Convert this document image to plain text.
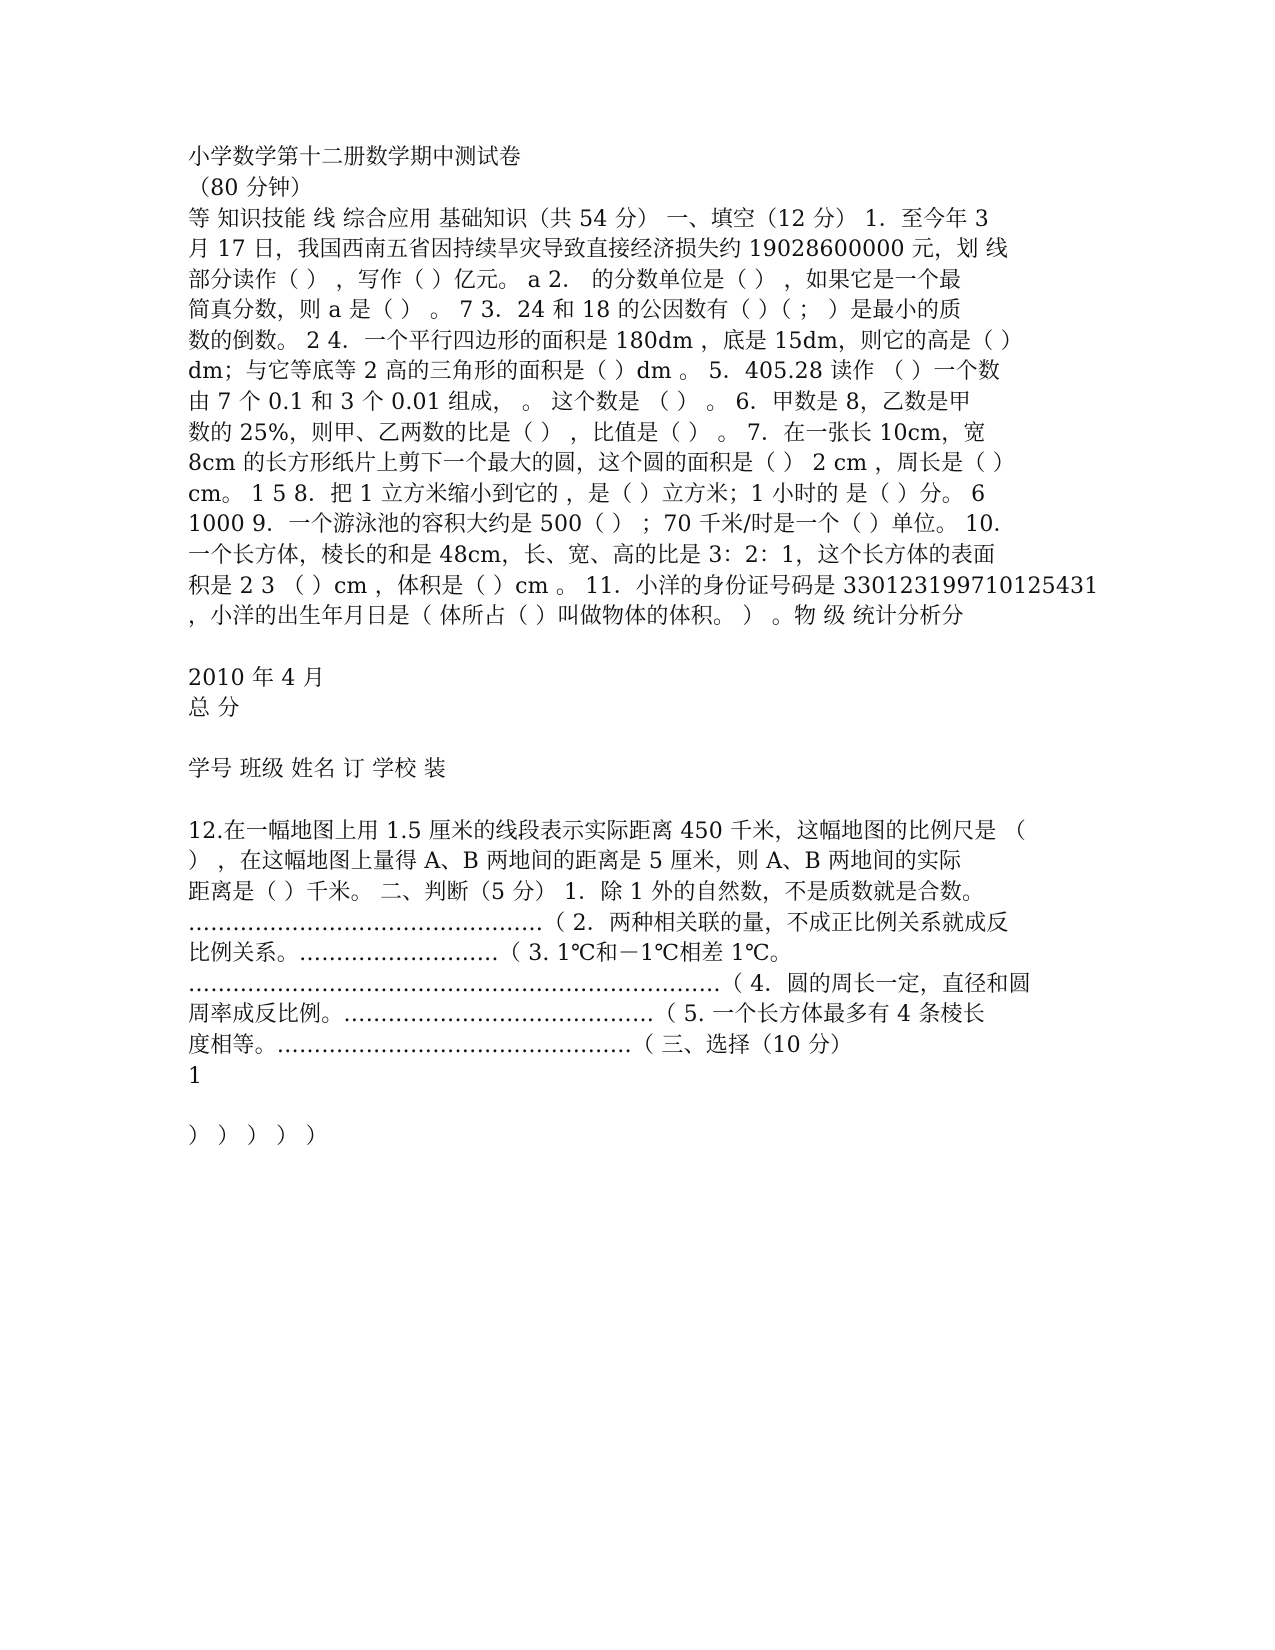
小学数学第十二册数学期中测试卷
（80 分钟）
等 知识技能 线 综合应用 基础知识（共 54 分） 一、填空（12 分） 1．至今年 3
月 17 日，我国西南五省因持续旱灾导致直接经济损失约 19028600000 元，划 线
部分读作（ ） ，写作（ ）亿元。 a 2． 的分数单位是（ ） ，如果它是一个最
简真分数，则 a 是（ ） 。 7 3．24 和 18 的公因数有（ ）（ ； ）是最小的质
数的倒数。 2 4．一个平行四边形的面积是 180dm ，底是 15dm，则它的高是（ ）
dm；与它等底等 2 高的三角形的面积是（ ）dm 。 5．405.28 读作 （ ）一个数
由 7 个 0.1 和 3 个 0.01 组成， 。 这个数是 （ ） 。 6．甲数是 8，乙数是甲
数的 25%，则甲、乙两数的比是（ ） ，比值是（ ） 。 7．在一张长 10cm，宽
8cm 的长方形纸片上剪下一个最大的圆，这个圆的面积是（ ） 2 cm ，周长是（ ）
cm。 1 5 8．把 1 立方米缩小到它的 ，是（ ）立方米；1 小时的 是（ ）分。 6
1000 9．一个游泳池的容积大约是 500（ ） ；70 千米/时是一个（ ）单位。 10．
一个长方体，棱长的和是 48cm，长、宽、高的比是 3：2：1，这个长方体的表面
积是 2 3 （ ）cm ，体积是（ ）cm 。 11．小洋的身份证号码是 330123199710125431
，小洋的出生年月日是（ 体所占（ ）叫做物体的体积。 ） 。物 级 统计分析分
2010 年 4 月
总 分
学号 班级 姓名 订 学校 装
12.在一幅地图上用 1.5 厘米的线段表示实际距离 450 千米，这幅地图的比例尺是 （
） ，在这幅地图上量得 A、B 两地间的距离是 5 厘米，则 A、B 两地间的实际
距离是（ ）千米。 二、判断（5 分） 1．除 1 外的自然数，不是质数就是合数。
…………………………………………（ 2．两种相关联的量，不成正比例关系就成反
比例关系。………………………（ 3. 1℃和－1℃相差 1℃。
………………………………………………………………（ 4．圆的周长一定，直径和圆
周率成反比例。……………………………………（ 5. 一个长方体最多有 4 条棱长
度相等。…………………………………………（ 三、选择（10 分）
1
） ） ） ） ）
